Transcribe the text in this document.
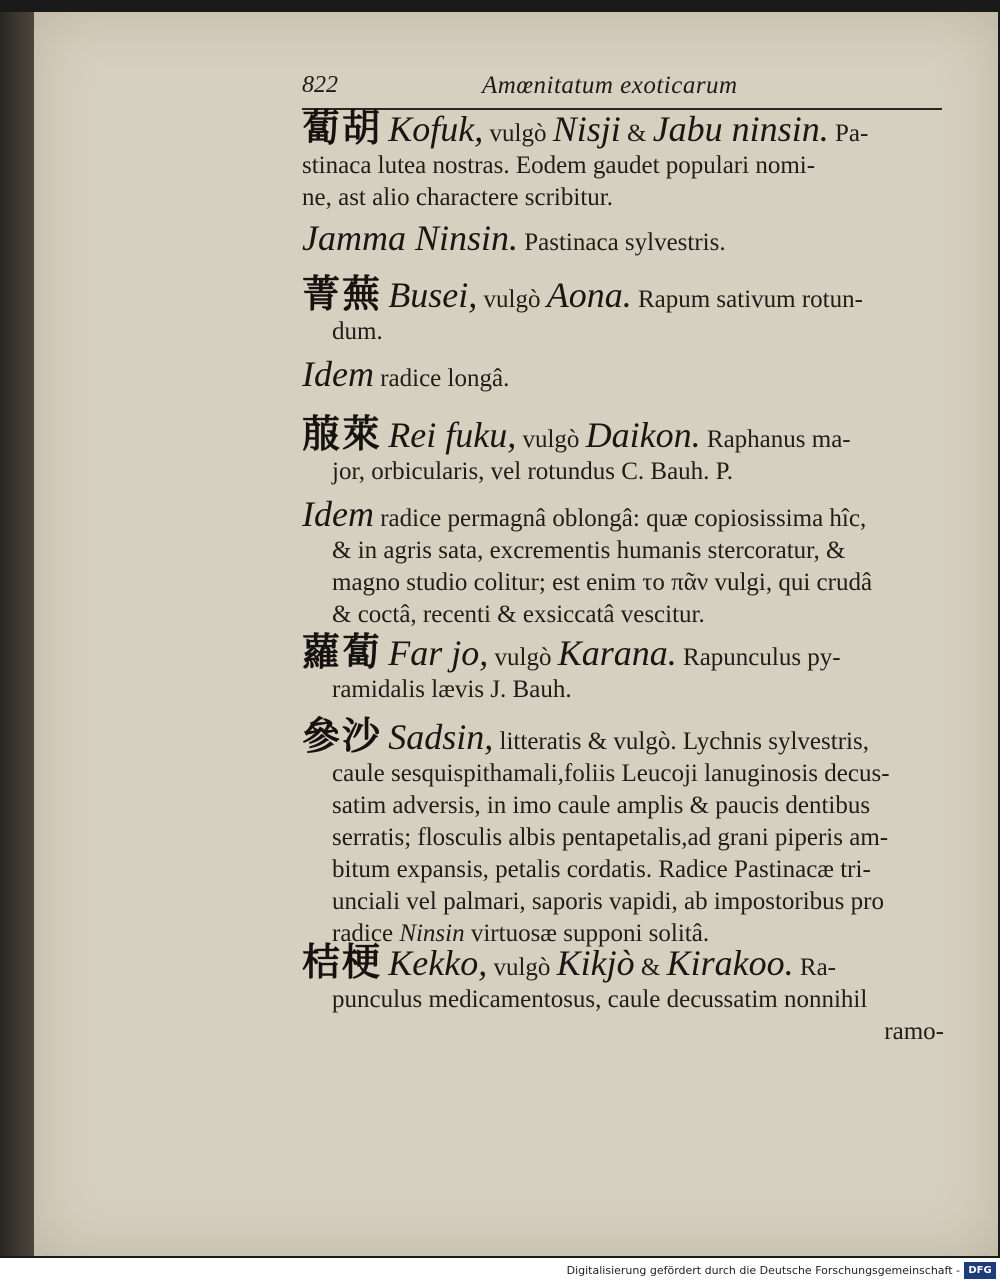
822	Amœnitatum exoticarum
蔔胡 Kofuk, vulgò Nisji & Jabu ninsin. Pa-
stinaca lutea nostras. Eodem gaudet populari nomi-
ne, ast alio charactere scribitur.
Jamma Ninsin. Pastinaca sylvestris.
菁蕪 Busei, vulgò Aona. Rapum sativum rotun-
dum.
Idem radice longâ.
菔萊 Rei fuku, vulgò Daikon. Raphanus ma-
jor, orbicularis, vel rotundus C. Bauh. P.
Idem radice permagnâ oblongâ: quæ copiosissima hîc,
& in agris sata, excrementis humanis stercoratur, &
magno studio colitur; est enim το πᾶν vulgi, qui crudâ
& coctâ, recenti & exsiccatâ vescitur.
蘿蔔 Far jo, vulgò Karana. Rapunculus py-
ramidalis lævis J. Bauh.
參沙 Sadsin, litteratis & vulgò. Lychnis sylvestris,
caule sesquispithamali,foliis Leucoji lanuginosis decus-
satim adversis, in imo caule amplis & paucis dentibus
serratis; flosculis albis pentapetalis,ad grani piperis am-
bitum expansis, petalis cordatis. Radice Pastinacæ tri-
unciali vel palmari, saporis vapidi, ab impostoribus pro
radice Ninsin virtuosæ supponi solitâ.
桔梗 Kekko, vulgò Kikjò & Kirakoo. Ra-
punculus medicamentosus, caule decussatim nonnihil
ramo-
Digitalisierung gefördert durch die Deutsche Forschungsgemeinschaft - DFG
